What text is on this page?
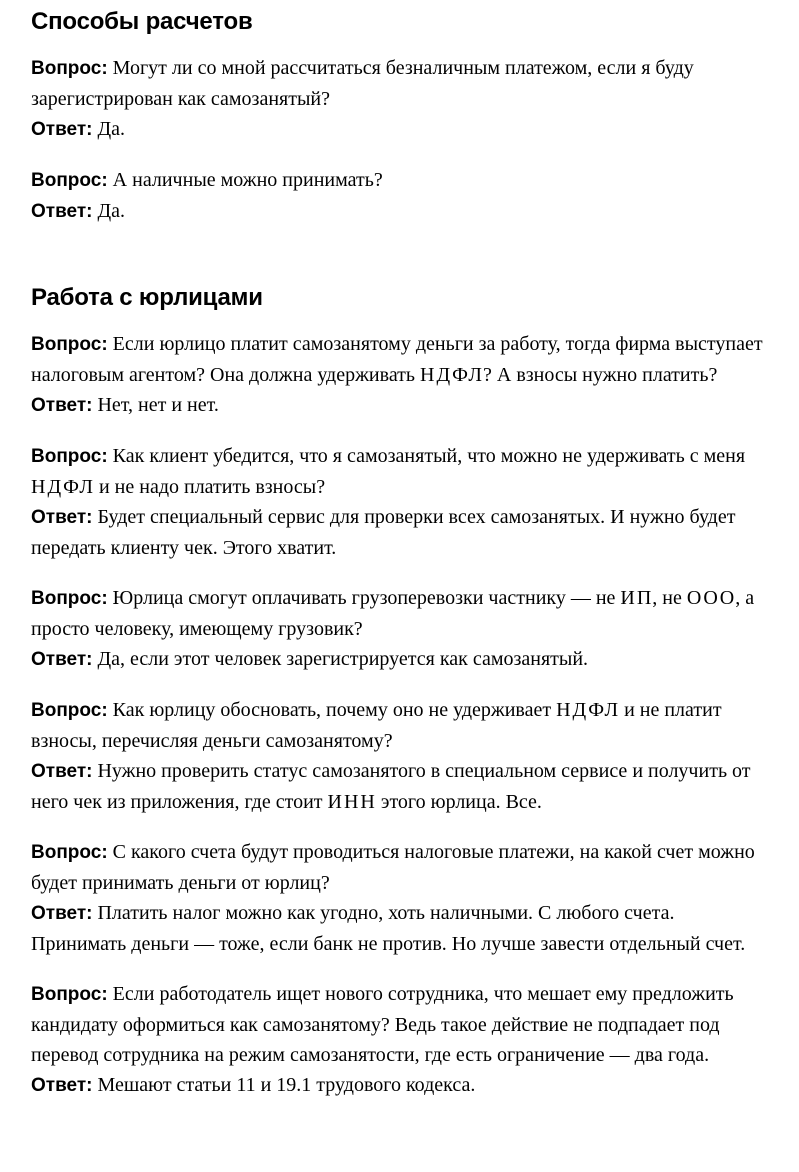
Способы расчетов

Вопрос: Могут ли со мной рассчитаться безналичным платежом, если я буду зарегистрирован как самозанятый?

Ответ: Да.

Вопрос: А наличные можно принимать?

Ответ: Да.

Работа с юрлицами

Вопрос: Если юрлицо платит самозанятому деньги за работу, тогда фирма выступает налоговым агентом? Она должна удерживать НДФЛ? А взносы нужно платить?

Ответ: Нет, нет и нет.

Вопрос: Как клиент убедится, что я самозанятый, что можно не удерживать с меня НДФЛ и не надо платить взносы?

Ответ: Будет специальный сервис для проверки всех самозанятых. И нужно будет передать клиенту чек. Этого хватит.

Вопрос: Юрлица смогут оплачивать грузоперевозки частнику — не ИП, не ООО, а просто человеку, имеющему грузовик?

Ответ: Да, если этот человек зарегистрируется как самозанятый.

Вопрос: Как юрлицу обосновать, почему оно не удерживает НДФЛ и не платит взносы, перечисляя деньги самозанятому?

Ответ: Нужно проверить статус самозанятого в специальном сервисе и получить от него чек из приложения, где стоит ИНН этого юрлица. Все.

Вопрос: С какого счета будут проводиться налоговые платежи, на какой счет можно будет принимать деньги от юрлиц?

Ответ: Платить налог можно как угодно, хоть наличными. С любого счета. Принимать деньги — тоже, если банк не против. Но лучше завести отдельный счет.

Вопрос: Если работодатель ищет нового сотрудника, что мешает ему предложить кандидату оформиться как самозанятому? Ведь такое действие не подпадает под перевод сотрудника на режим самозанятости, где есть ограничение — два года.

Ответ: Мешают статьи 11 и 19.1 трудового кодекса.
